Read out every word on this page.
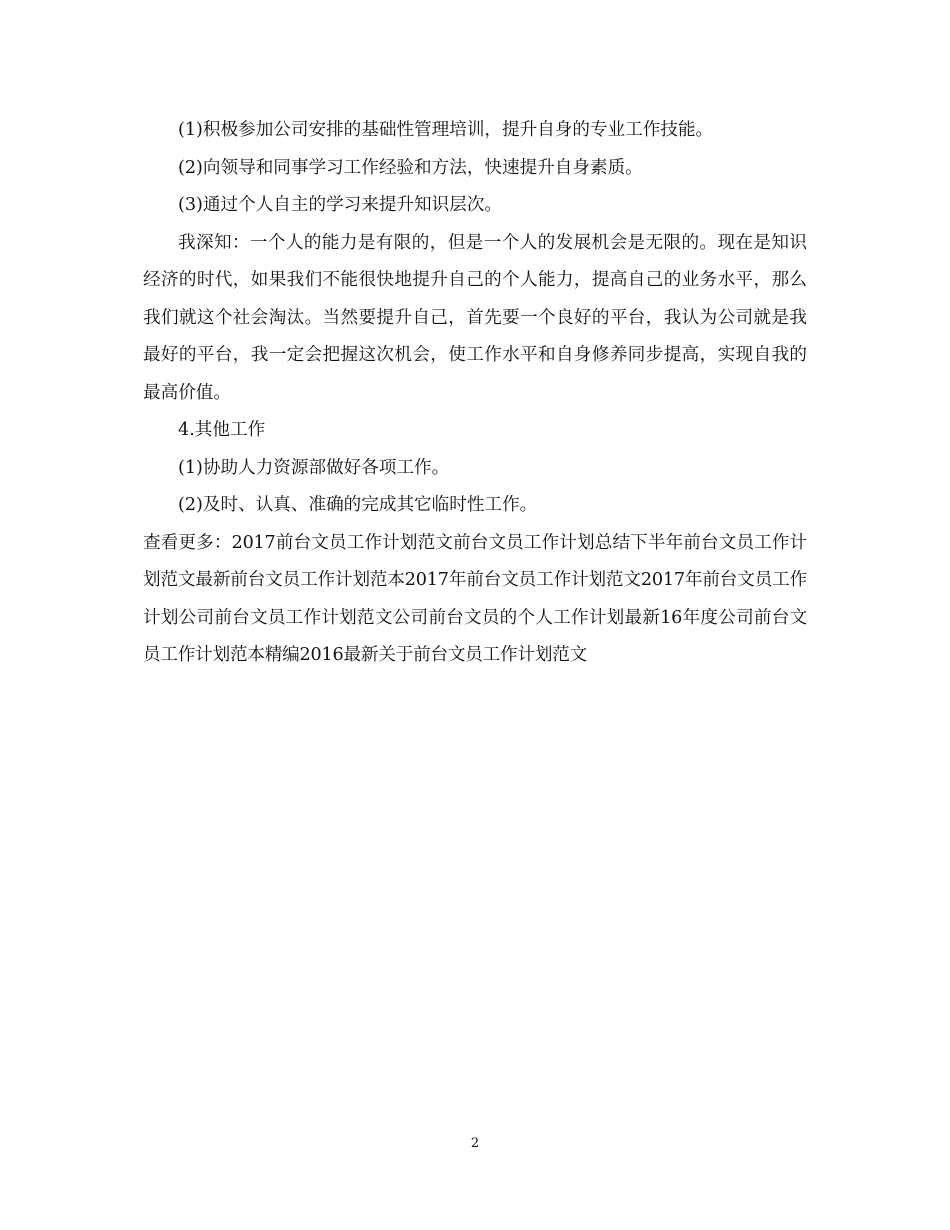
(1)积极参加公司安排的基础性管理培训，提升自身的专业工作技能。

(2)向领导和同事学习工作经验和方法，快速提升自身素质。

(3)通过个人自主的学习来提升知识层次。

我深知：一个人的能力是有限的，但是一个人的发展机会是无限的。现在是知识经济的时代，如果我们不能很快地提升自己的个人能力，提高自己的业务水平，那么我们就这个社会淘汰。当然要提升自己，首先要一个良好的平台，我认为公司就是我最好的平台，我一定会把握这次机会，使工作水平和自身修养同步提高，实现自我的最高价值。

4.其他工作

(1)协助人力资源部做好各项工作。

(2)及时、认真、准确的完成其它临时性工作。

查看更多：2017前台文员工作计划范文前台文员工作计划总结下半年前台文员工作计划范文最新前台文员工作计划范本2017年前台文员工作计划范文2017年前台文员工作计划公司前台文员工作计划范文公司前台文员的个人工作计划最新16年度公司前台文员工作计划范本精编2016最新关于前台文员工作计划范文

2
